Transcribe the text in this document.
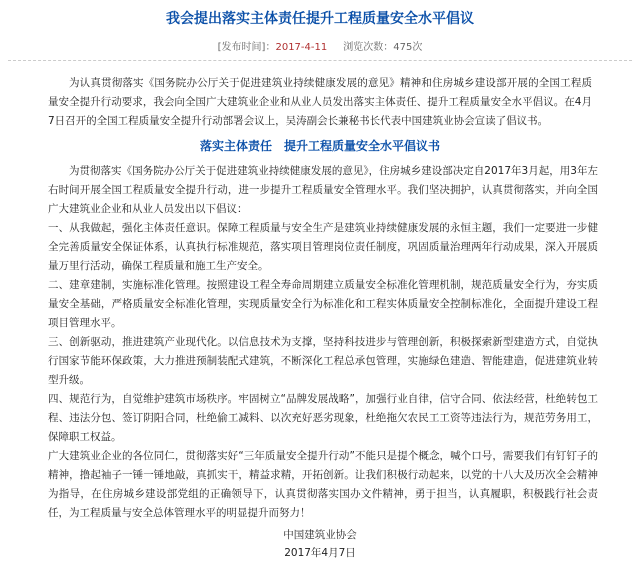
我会提出落实主体责任提升工程质量安全水平倡议
[发布时间]：2017-4-11 浏览次数：475次

为认真贯彻落实《国务院办公厅关于促进建筑业持续健康发展的意见》精神和住房城乡建设部开展的全国工程质量安全提升行动要求，我会向全国广大建筑业企业和从业人员发出落实主体责任、提升工程质量安全水平倡议。在4月7日召开的全国工程质量安全提升行动部署会议上，吴涛副会长兼秘书长代表中国建筑业协会宣读了倡议书。

落实主体责任　提升工程质量安全水平倡议书

为贯彻落实《国务院办公厅关于促进建筑业持续健康发展的意见》，住房城乡建设部决定自2017年3月起，用3年左右时间开展全国工程质量安全提升行动，进一步提升工程质量安全管理水平。我们坚决拥护，认真贯彻落实，并向全国广大建筑业企业和从业人员发出以下倡议：

一、从我做起，强化主体责任意识。保障工程质量与安全生产是建筑业持续健康发展的永恒主题，我们一定要进一步健全完善质量安全保证体系，认真执行标准规范，落实项目管理岗位责任制度，巩固质量治理两年行动成果，深入开展质量万里行活动，确保工程质量和施工生产安全。

二、建章建制，实施标准化管理。按照建设工程全寿命周期建立质量安全标准化管理机制，规范质量安全行为，夯实质量安全基础，严格质量安全标准化管理，实现质量安全行为标准化和工程实体质量安全控制标准化，全面提升建设工程项目管理水平。

三、创新驱动，推进建筑产业现代化。以信息技术为支撑，坚持科技进步与管理创新，积极探索新型建造方式，自觉执行国家节能环保政策，大力推进预制装配式建筑，不断深化工程总承包管理，实施绿色建造、智能建造，促进建筑业转型升级。

四、规范行为，自觉维护建筑市场秩序。牢固树立“品牌发展战略”，加强行业自律，信守合同、依法经营，杜绝转包工程、违法分包、签订阴阳合同，杜绝偷工减料、以次充好恶劣现象，杜绝拖欠农民工工资等违法行为，规范劳务用工，保障职工权益。

广大建筑业企业的各位同仁，贯彻落实好“三年质量安全提升行动”不能只是提个概念，喊个口号，需要我们有钉钉子的精神，撸起袖子一锤一锤地敲，真抓实干，精益求精，开拓创新。让我们积极行动起来，以党的十八大及历次全会精神为指导，在住房城乡建设部党组的正确领导下，认真贯彻落实国办文件精神，勇于担当，认真履职，积极践行社会责任，为工程质量与安全总体管理水平的明显提升而努力！

中国建筑业协会
2017年4月7日
